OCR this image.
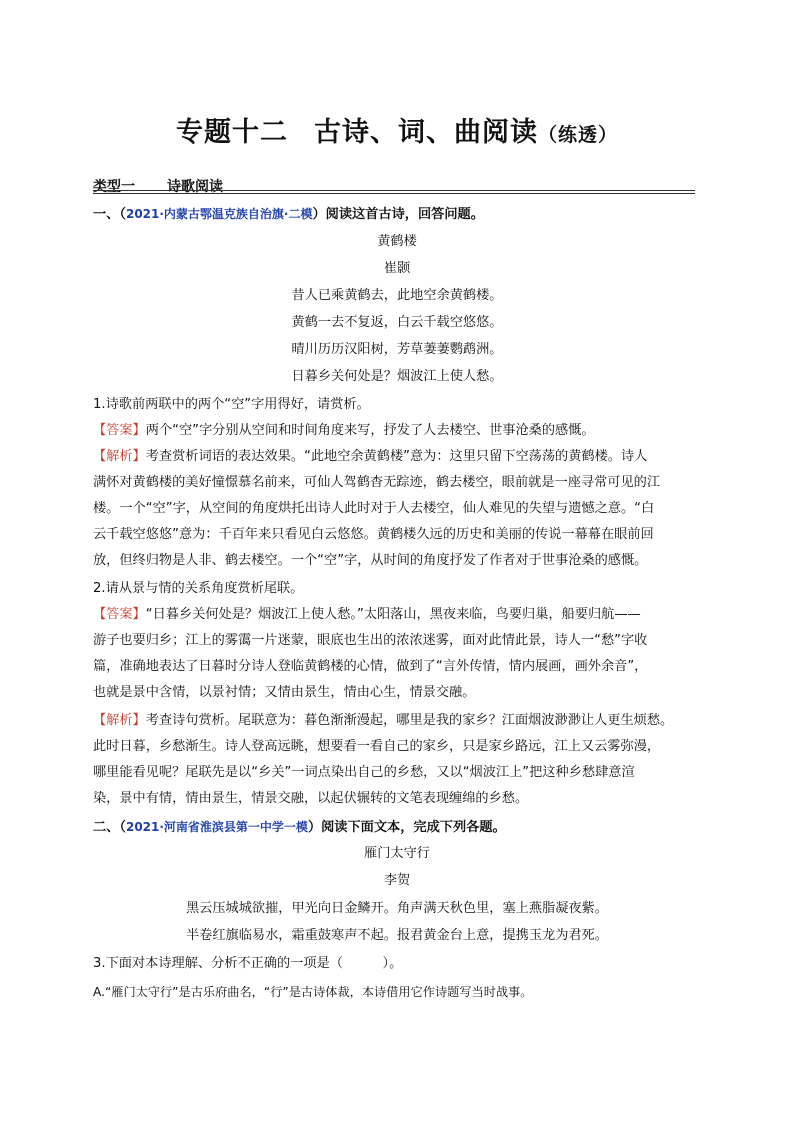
专题十二 古诗、词、曲阅读（练透）
类型一 诗歌阅读
一、（2021·内蒙古鄂温克族自治旗·二模）阅读这首古诗，回答问题。
黄鹤楼
崔颢
昔人已乘黄鹤去，此地空余黄鹤楼。
黄鹤一去不复返，白云千载空悠悠。
晴川历历汉阳树，芳草萋萋鹦鹉洲。
日暮乡关何处是？烟波江上使人愁。
1.诗歌前两联中的两个“空”字用得好，请赏析。
【答案】两个“空”字分别从空间和时间角度来写，抒发了人去楼空、世事沧桑的感慨。
【解析】考查赏析词语的表达效果。“此地空余黄鹤楼”意为：这里只留下空荡荡的黄鹤楼。诗人
满怀对黄鹤楼的美好憧憬慕名前来，可仙人驾鹤杳无踪迹，鹤去楼空，眼前就是一座寻常可见的江
楼。一个“空”字，从空间的角度烘托出诗人此时对于人去楼空，仙人难见的失望与遗憾之意。“白
云千载空悠悠”意为：千百年来只看见白云悠悠。黄鹤楼久远的历史和美丽的传说一幕幕在眼前回
放，但终归物是人非、鹤去楼空。一个“空”字，从时间的角度抒发了作者对于世事沧桑的感慨。
2.请从景与情的关系角度赏析尾联。
【答案】“日暮乡关何处是？烟波江上使人愁。”太阳落山，黑夜来临，鸟要归巢，船要归航——
游子也要归乡；江上的雾霭一片迷蒙，眼底也生出的浓浓迷雾，面对此情此景，诗人一“愁”字收
篇，准确地表达了日暮时分诗人登临黄鹤楼的心情，做到了“言外传情，情内展画，画外余音”，
也就是景中含情，以景衬情；又情由景生，情由心生，情景交融。
【解析】考查诗句赏析。尾联意为：暮色渐渐漫起，哪里是我的家乡？江面烟波渺渺让人更生烦愁。
此时日暮，乡愁渐生。诗人登高远眺，想要看一看自己的家乡，只是家乡路远，江上又云雾弥漫，
哪里能看见呢？尾联先是以“乡关”一词点染出自己的乡愁，又以“烟波江上”把这种乡愁肆意渲
染，景中有情，情由景生，情景交融，以起伏辗转的文笔表现缠绵的乡愁。
二、（2021·河南省淮滨县第一中学一模）阅读下面文本，完成下列各题。
雁门太守行
李贺
黑云压城城欲摧，甲光向日金鳞开。角声满天秋色里，塞上燕脂凝夜紫。
半卷红旗临易水，霜重鼓寒声不起。报君黄金台上意，提携玉龙为君死。
3.下面对本诗理解、分析不正确的一项是（　　　）。
A.“雁门太守行”是古乐府曲名，“行”是古诗体裁，本诗借用它作诗题写当时战事。
